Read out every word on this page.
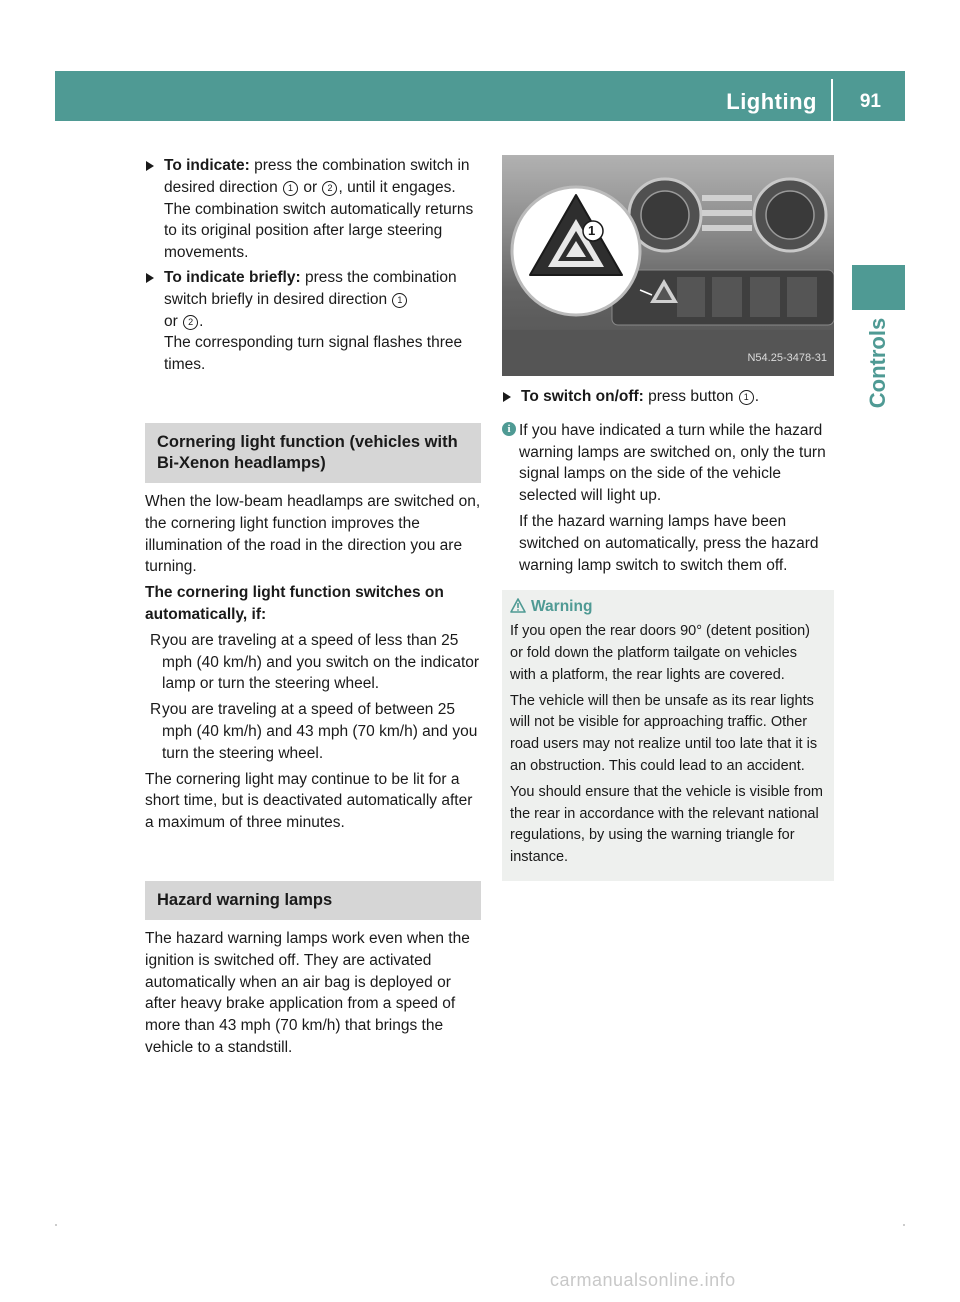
Lighting 91
Controls
To indicate: press the combination switch in desired direction 1 or 2 , until it engages.
The combination switch automatically returns to its original position after large steering movements.
To indicate briefly: press the combination switch briefly in desired direction 1
or 2 .
The corresponding turn signal flashes three times.
Cornering light function (vehicles with Bi-Xenon headlamps)

When the low-beam headlamps are switched on, the cornering light function improves the illumination of the road in the direction you are turning.

The cornering light function switches on automatically, if:

R you are traveling at a speed of less than 25 mph (40 km/h) and you switch on the indicator lamp or turn the steering wheel.
R you are traveling at a speed of between 25 mph (40 km/h) and 43 mph (70 km/h) and you turn the steering wheel.

The cornering light may continue to be lit for a short time, but is deactivated automatically after a maximum of three minutes.

Hazard warning lamps

The hazard warning lamps work even when the ignition is switched off. They are activated automatically when an air bag is deployed or after heavy brake application from a speed of more than 43 mph (70 km/h) that brings the vehicle to a standstill.

1
N54.25-3478-31
To switch on/off: press button 1 .
i If you have indicated a turn while the hazard warning lamps are switched on, only the turn signal lamps on the side of the vehicle selected will light up.

If the hazard warning lamps have been switched on automatically, press the hazard warning lamp switch to switch them off.

Warning

If you open the rear doors 90° (detent position) or fold down the platform tailgate on vehicles with a platform, the rear lights are covered.

The vehicle will then be unsafe as its rear lights will not be visible for approaching traffic. Other road users may not realize until too late that it is an obstruction. This could lead to an accident.

You should ensure that the vehicle is visible from the rear in accordance with the relevant national regulations, by using the warning triangle for instance.

carmanualsonline.info
